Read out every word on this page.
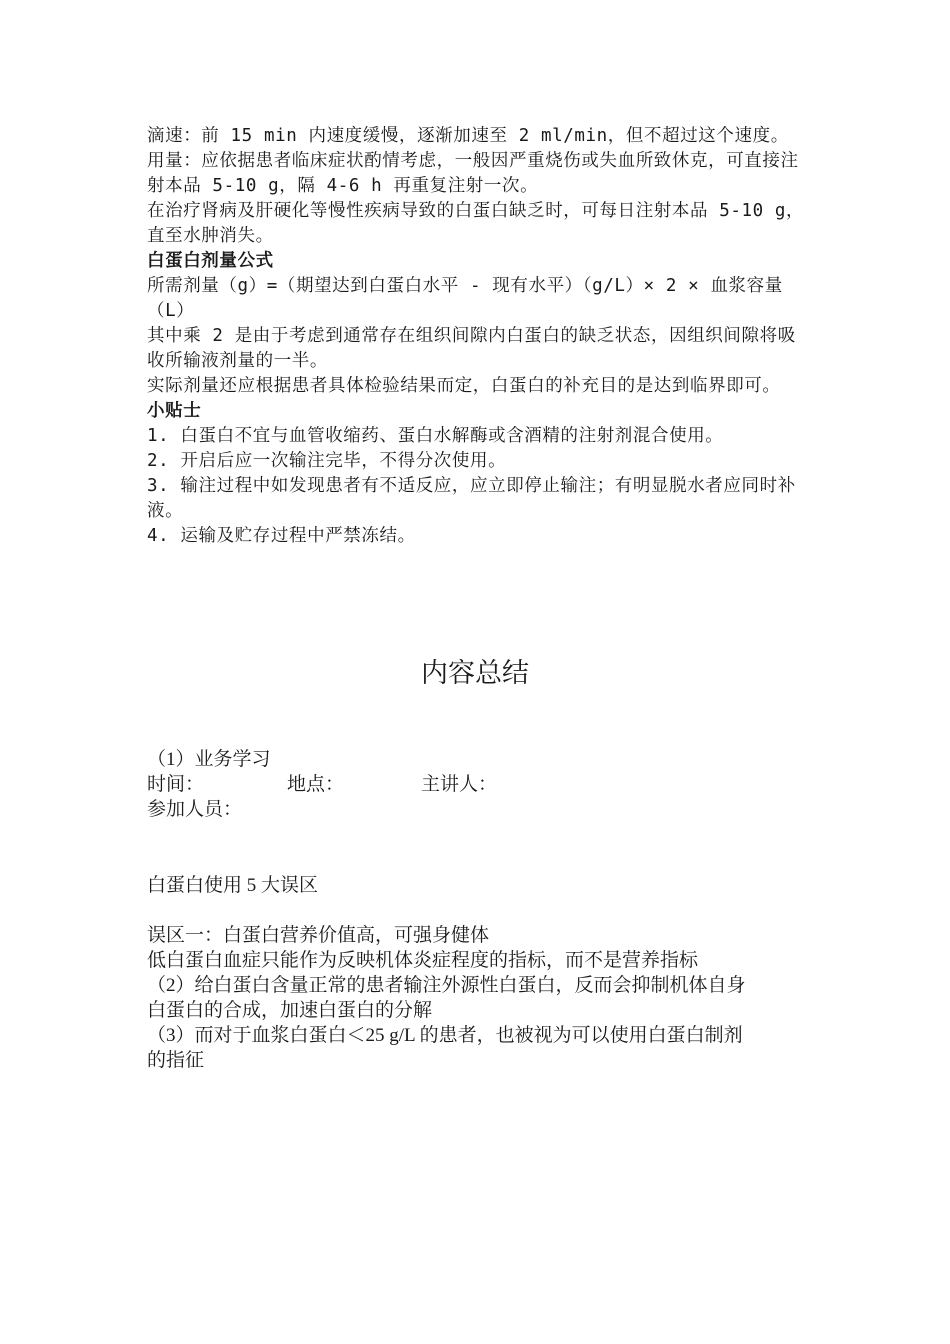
滴速：前 15 min 内速度缓慢，逐渐加速至 2 ml/min，但不超过这个速度。

用量：应依据患者临床症状酌情考虑，一般因严重烧伤或失血所致休克，可直接注射本品 5-10 g，隔 4-6 h 再重复注射一次。

在治疗肾病及肝硬化等慢性疾病导致的白蛋白缺乏时，可每日注射本品 5-10 g，直至水肿消失。

白蛋白剂量公式

所需剂量（g）=（期望达到白蛋白水平 - 现有水平）（g/L）× 2 × 血浆容量（L）

其中乘 2 是由于考虑到通常存在组织间隙内白蛋白的缺乏状态，因组织间隙将吸收所输液剂量的一半。

实际剂量还应根据患者具体检验结果而定，白蛋白的补充目的是达到临界即可。

小贴士

1. 白蛋白不宜与血管收缩药、蛋白水解酶或含酒精的注射剂混合使用。

2. 开启后应一次输注完毕，不得分次使用。

3. 输注过程中如发现患者有不适反应，应立即停止输注；有明显脱水者应同时补液。

4. 运输及贮存过程中严禁冻结。

内容总结

（1）业务学习

时间：	地点：	主讲人：

参加人员：

白蛋白使用 5 大误区

误区一：白蛋白营养价值高，可强身健体

低白蛋白血症只能作为反映机体炎症程度的指标，而不是营养指标

（2）给白蛋白含量正常的患者输注外源性白蛋白，反而会抑制机体自身

白蛋白的合成，加速白蛋白的分解

（3）而对于血浆白蛋白＜25 g/L 的患者，也被视为可以使用白蛋白制剂

的指征
